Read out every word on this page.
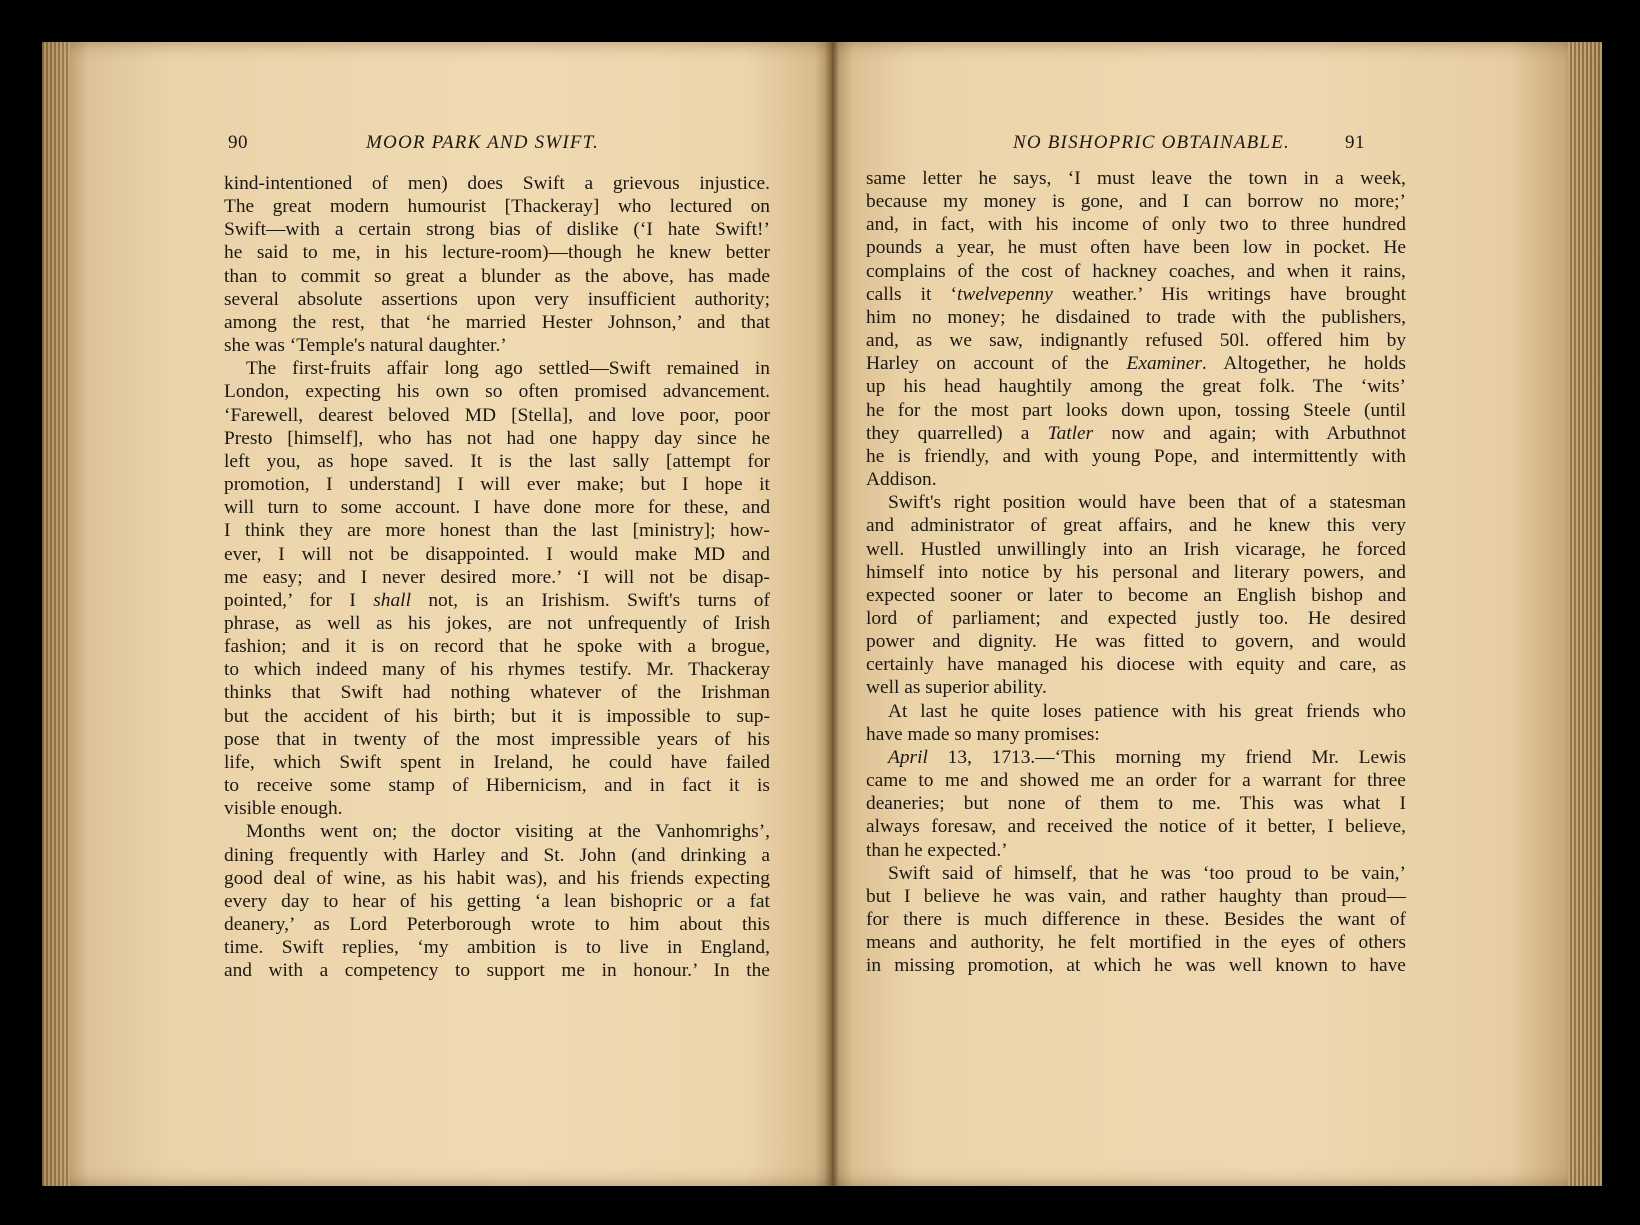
90	MOOR PARK AND SWIFT.
kind-intentioned of men) does Swift a grievous injustice.
The great modern humourist [Thackeray] who lectured on
Swift—with a certain strong bias of dislike (‘I hate Swift!’
he said to me, in his lecture-room)—though he knew better
than to commit so great a blunder as the above, has made
several absolute assertions upon very insufficient authority;
among the rest, that ‘he married Hester Johnson,’ and that
she was ‘Temple's natural daughter.’
The first-fruits affair long ago settled—Swift remained in
London, expecting his own so often promised advancement.
‘Farewell, dearest beloved MD [Stella], and love poor, poor
Presto [himself], who has not had one happy day since he
left you, as hope saved. It is the last sally [attempt for
promotion, I understand] I will ever make; but I hope it
will turn to some account. I have done more for these, and
I think they are more honest than the last [ministry]; how-
ever, I will not be disappointed. I would make MD and
me easy; and I never desired more.’ ‘I will not be disap-
pointed,’ for I shall not, is an Irishism. Swift's turns of
phrase, as well as his jokes, are not unfrequently of Irish
fashion; and it is on record that he spoke with a brogue,
to which indeed many of his rhymes testify. Mr. Thackeray
thinks that Swift had nothing whatever of the Irishman
but the accident of his birth; but it is impossible to sup-
pose that in twenty of the most impressible years of his
life, which Swift spent in Ireland, he could have failed
to receive some stamp of Hibernicism, and in fact it is
visible enough.
Months went on; the doctor visiting at the Vanhomrighs’,
dining frequently with Harley and St. John (and drinking a
good deal of wine, as his habit was), and his friends expecting
every day to hear of his getting ‘a lean bishopric or a fat
deanery,’ as Lord Peterborough wrote to him about this
time. Swift replies, ‘my ambition is to live in England,
and with a competency to support me in honour.’ In the
NO BISHOPRIC OBTAINABLE.	91
same letter he says, ‘I must leave the town in a week,
because my money is gone, and I can borrow no more;’
and, in fact, with his income of only two to three hundred
pounds a year, he must often have been low in pocket. He
complains of the cost of hackney coaches, and when it rains,
calls it ‘twelvepenny weather.’ His writings have brought
him no money; he disdained to trade with the publishers,
and, as we saw, indignantly refused 50l. offered him by
Harley on account of the Examiner. Altogether, he holds
up his head haughtily among the great folk. The ‘wits’
he for the most part looks down upon, tossing Steele (until
they quarrelled) a Tatler now and again; with Arbuthnot
he is friendly, and with young Pope, and intermittently with
Addison.
Swift's right position would have been that of a statesman
and administrator of great affairs, and he knew this very
well. Hustled unwillingly into an Irish vicarage, he forced
himself into notice by his personal and literary powers, and
expected sooner or later to become an English bishop and
lord of parliament; and expected justly too. He desired
power and dignity. He was fitted to govern, and would
certainly have managed his diocese with equity and care, as
well as superior ability.
At last he quite loses patience with his great friends who
have made so many promises:
April 13, 1713.—‘This morning my friend Mr. Lewis
came to me and showed me an order for a warrant for three
deaneries; but none of them to me. This was what I
always foresaw, and received the notice of it better, I believe,
than he expected.’
Swift said of himself, that he was ‘too proud to be vain,’
but I believe he was vain, and rather haughty than proud—
for there is much difference in these. Besides the want of
means and authority, he felt mortified in the eyes of others
in missing promotion, at which he was well known to have
